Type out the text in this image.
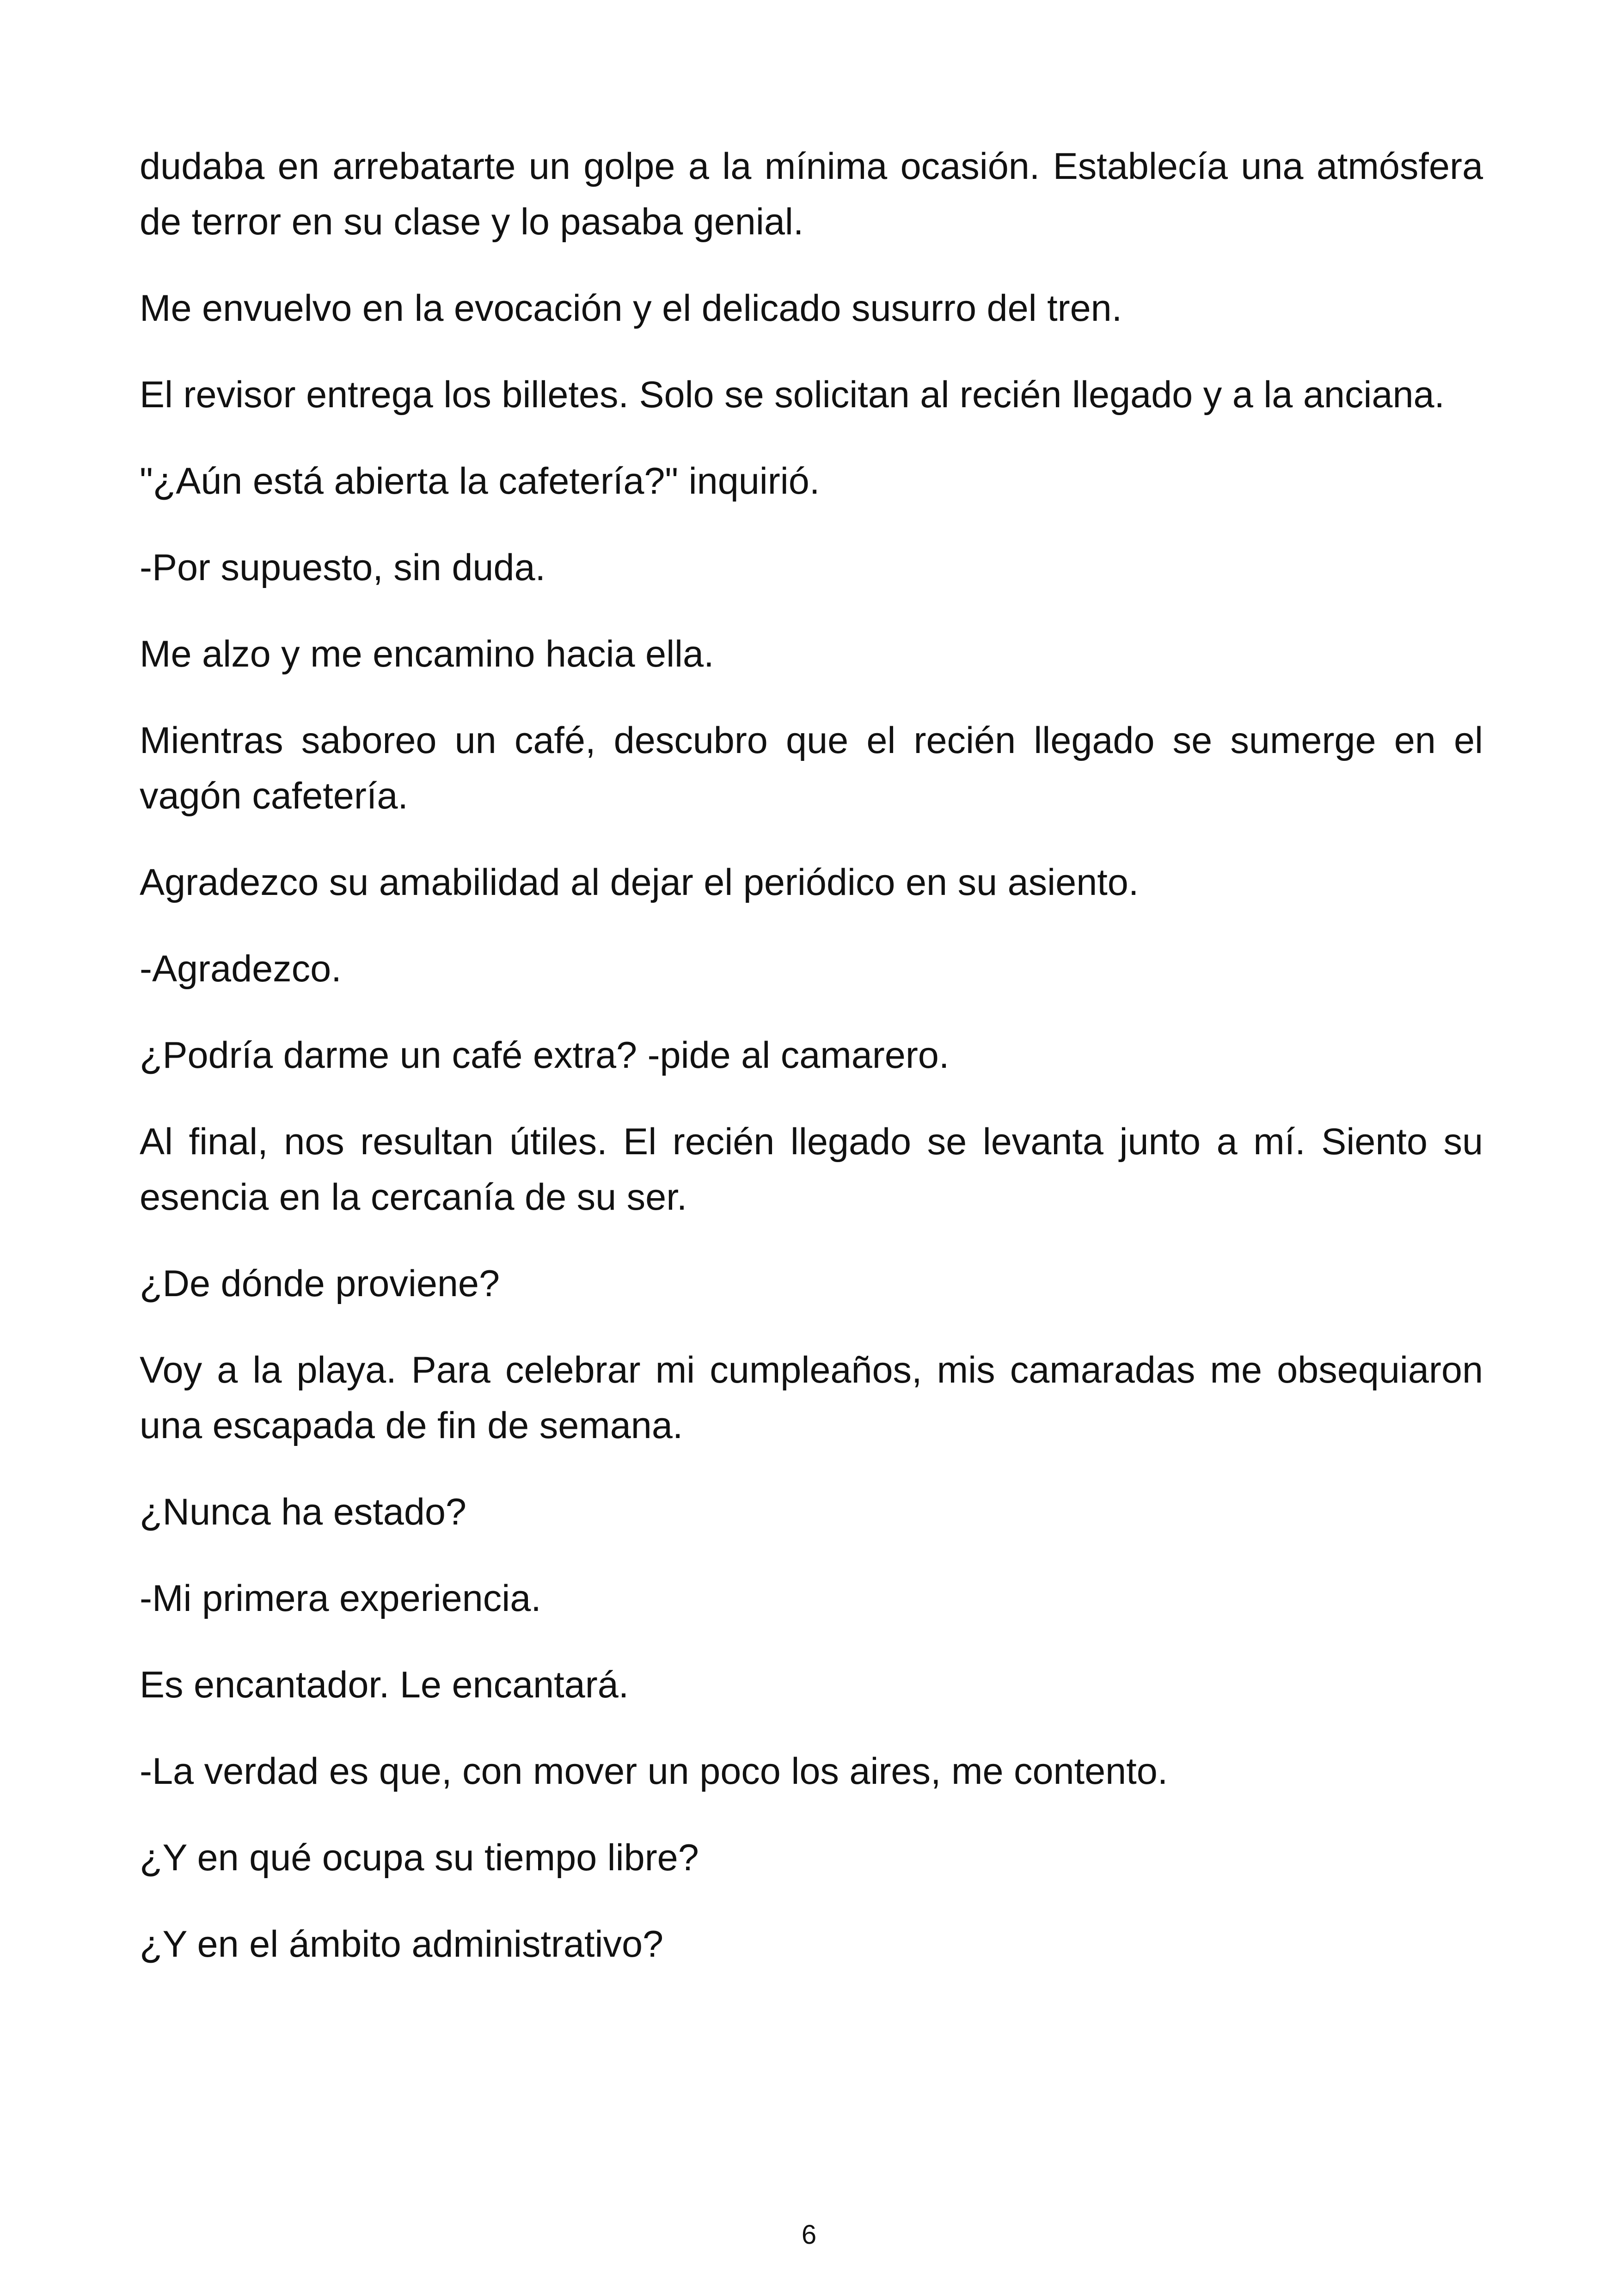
dudaba en arrebatarte un golpe a la mínima ocasión. Establecía una atmósfera de terror en su clase y lo pasaba genial.

Me envuelvo en la evocación y el delicado susurro del tren.

El revisor entrega los billetes. Solo se solicitan al recién llegado y a la anciana.

"¿Aún está abierta la cafetería?" inquirió.

-Por supuesto, sin duda.

Me alzo y me encamino hacia ella.

Mientras saboreo un café, descubro que el recién llegado se sumerge en el vagón cafetería.

Agradezco su amabilidad al dejar el periódico en su asiento.

-Agradezco.

¿Podría darme un café extra? -pide al camarero.

Al final, nos resultan útiles. El recién llegado se levanta junto a mí. Siento su esencia en la cercanía de su ser.

¿De dónde proviene?

Voy a la playa. Para celebrar mi cumpleaños, mis camaradas me obsequiaron una escapada de fin de semana.

¿Nunca ha estado?

-Mi primera experiencia.

Es encantador. Le encantará.

-La verdad es que, con mover un poco los aires, me contento.

¿Y en qué ocupa su tiempo libre?

¿Y en el ámbito administrativo?

6
